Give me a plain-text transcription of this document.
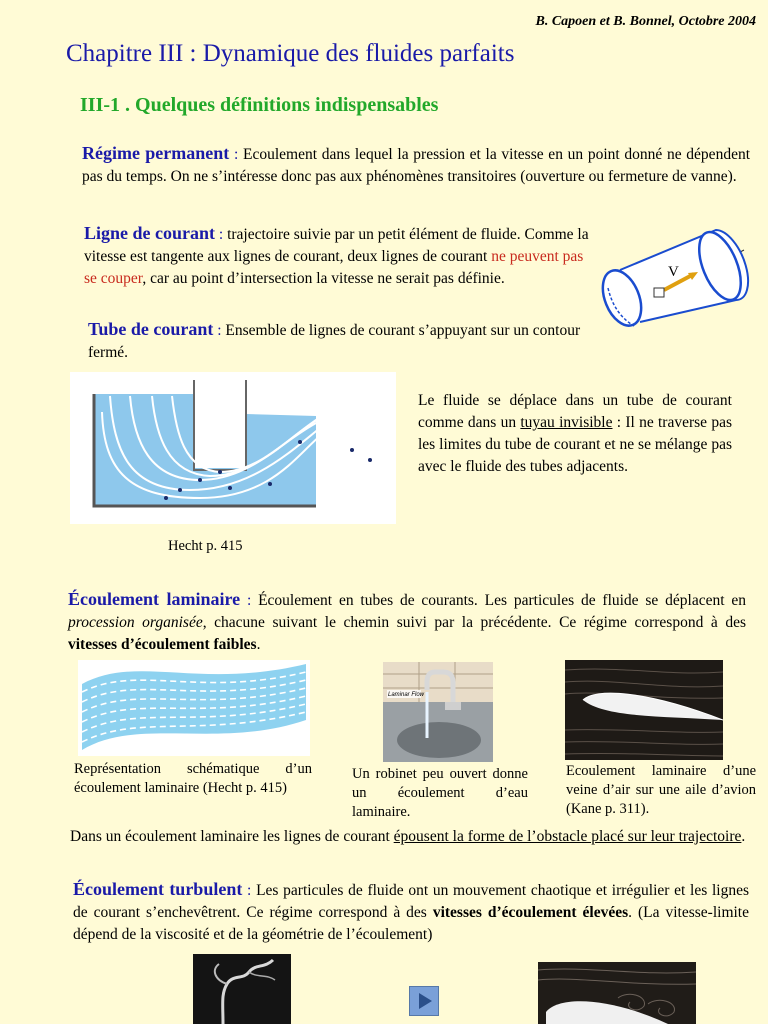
B. Capoen et B. Bonnel, Octobre 2004
Chapitre III : Dynamique des fluides parfaits
III-1 . Quelques définitions indispensables
Régime permanent : Ecoulement dans lequel la pression et la vitesse en un point donné ne dépendent pas du temps. On ne s’intéresse donc pas aux phénomènes transitoires (ouverture ou fermeture de vanne).
Ligne de courant : trajectoire suivie par un petit élément de fluide. Comme la vitesse est tangente aux lignes de courant, deux lignes de courant ne peuvent pas se couper, car au point d’intersection la vitesse ne serait pas définie.	V
Tube de courant : Ensemble de lignes de courant s’appuyant sur un contour fermé.
Le fluide se déplace dans un tube de courant comme dans un tuyau invisible : Il ne traverse pas les limites du tube de courant et ne se mélange pas avec le fluide des tubes adjacents.
Hecht p. 415
Écoulement laminaire : Écoulement en tubes de courants. Les particules de fluide se déplacent en procession organisée, chacune suivant le chemin suivi par la précédente. Ce régime correspond à des vitesses d’écoulement faibles.
Laminar Flow
Représentation schématique d’un écoulement laminaire (Hecht p. 415)
Un robinet peu ouvert donne un écoulement d’eau laminaire.
Ecoulement laminaire d’une veine d’air sur une aile d’avion (Kane p. 311).
Dans un écoulement laminaire les lignes de courant épousent la forme de l’obstacle placé sur leur trajectoire.
Écoulement turbulent : Les particules de fluide ont un mouvement chaotique et irrégulier et les lignes de courant s’enchevêtrent. Ce régime correspond à des vitesses d’écoulement élevées. (La vitesse-limite dépend de la viscosité et de la géométrie de l’écoulement)
